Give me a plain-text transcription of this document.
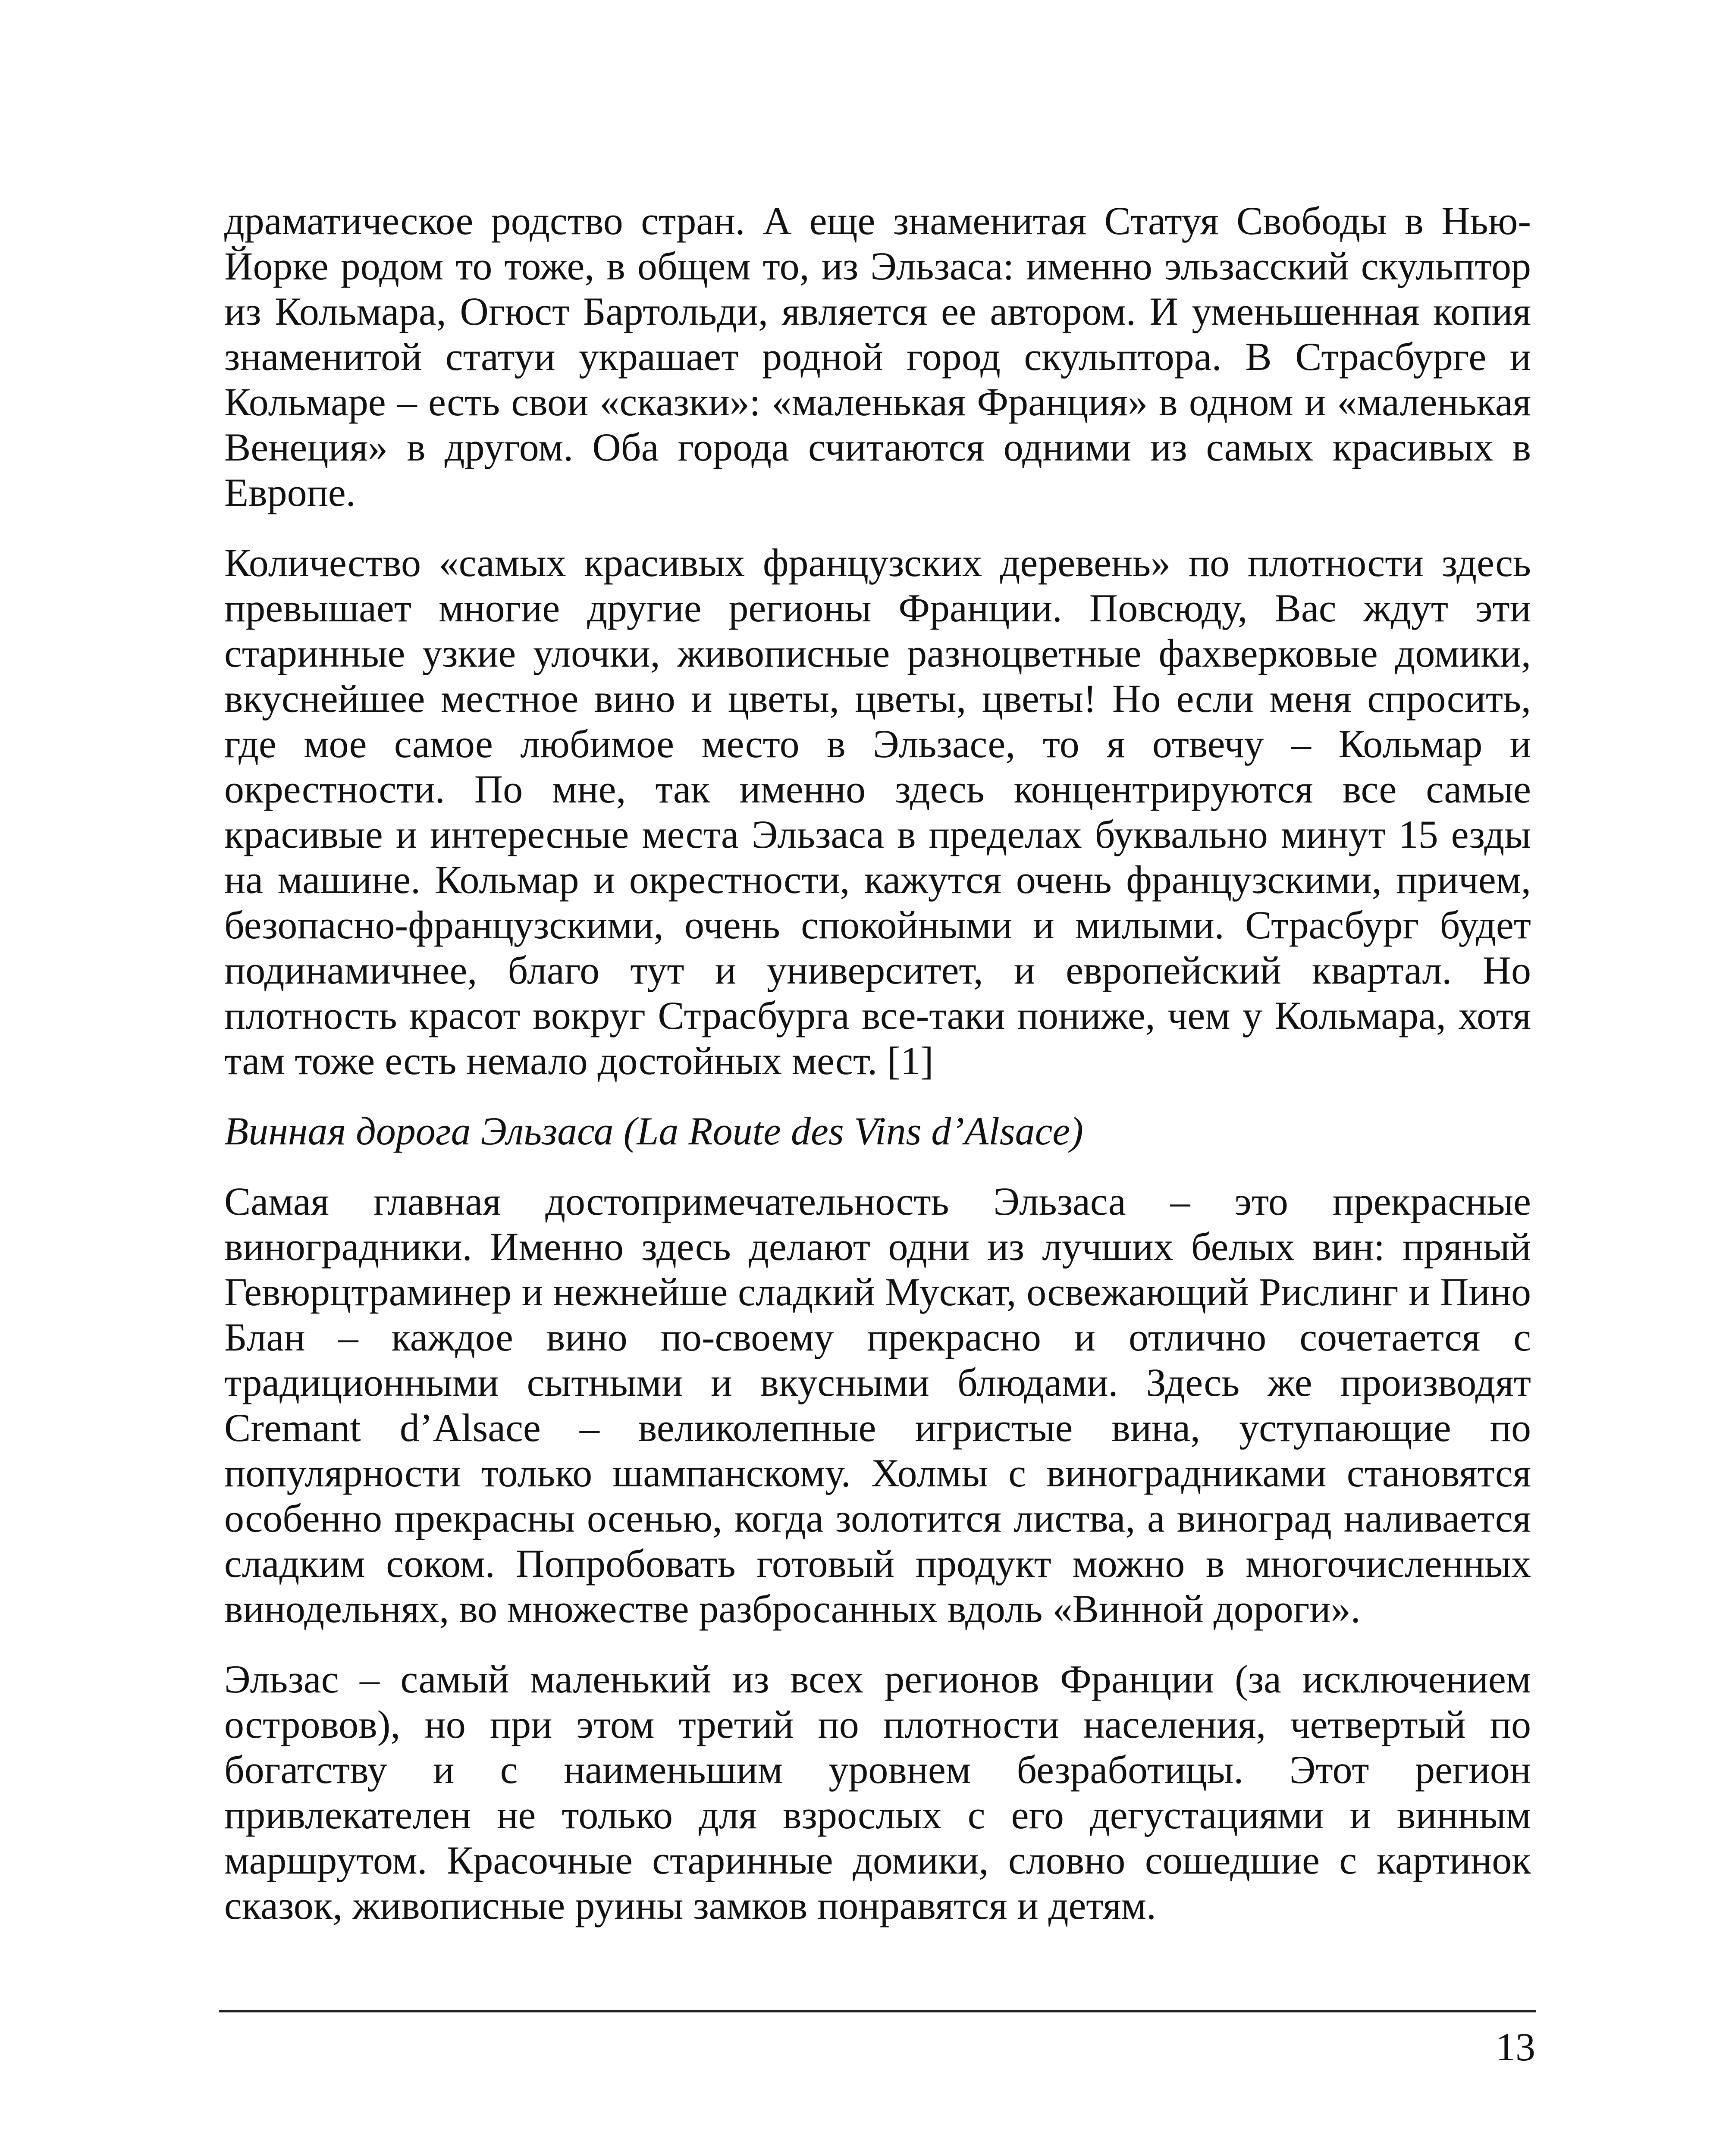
драматическое родство стран. А еще знаменитая Статуя Свободы в Нью-Йорке родом то тоже, в общем то, из Эльзаса: именно эльзасский скульптор из Кольмара, Огюст Бартольди, является ее автором. И уменьшенная копия знаменитой статуи украшает родной город скульптора. В Страсбурге и Кольмаре – есть свои «сказки»: «маленькая Франция» в одном и «маленькая Венеция» в другом. Оба города считаются одними из самых красивых в Европе.

Количество «самых красивых французских деревень» по плотности здесь превышает многие другие регионы Франции. Повсюду, Вас ждут эти старинные узкие улочки, живописные разноцветные фахверковые домики, вкуснейшее местное вино и цветы, цветы, цветы! Но если меня спросить, где мое самое любимое место в Эльзасе, то я отвечу – Кольмар и окрестности. По мне, так именно здесь концентрируются все самые красивые и интересные места Эльзаса в пределах буквально минут 15 езды на машине. Кольмар и окрестности, кажутся очень французскими, причем, безопасно-французскими, очень спокойными и милыми. Страсбург будет подинамичнее, благо тут и университет, и европейский квартал. Но плотность красот вокруг Страсбурга все-таки пониже, чем у Кольмара, хотя там тоже есть немало достойных мест. [1]

Винная дорога Эльзаса (La Route des Vins d’Alsace)

Самая главная достопримечательность Эльзаса – это прекрасные виноградники. Именно здесь делают одни из лучших белых вин: пряный Гевюрцтраминер и нежнейше сладкий Мускат, освежающий Рислинг и Пино Блан – каждое вино по-своему прекрасно и отлично сочетается с традиционными сытными и вкусными блюдами. Здесь же производят Cremant d’Alsace – великолепные игристые вина, уступающие по популярности только шампанскому. Холмы с виноградниками становятся особенно прекрасны осенью, когда золотится листва, а виноград наливается сладким соком. Попробовать готовый продукт можно в многочисленных винодельнях, во множестве разбросанных вдоль «Винной дороги».

Эльзас – самый маленький из всех регионов Франции (за исключением островов), но при этом третий по плотности населения, четвертый по богатству и с наименьшим уровнем безработицы. Этот регион привлекателен не только для взрослых с его дегустациями и винным маршрутом. Красочные старинные домики, словно сошедшие с картинок сказок, живописные руины замков понравятся и детям.

13
